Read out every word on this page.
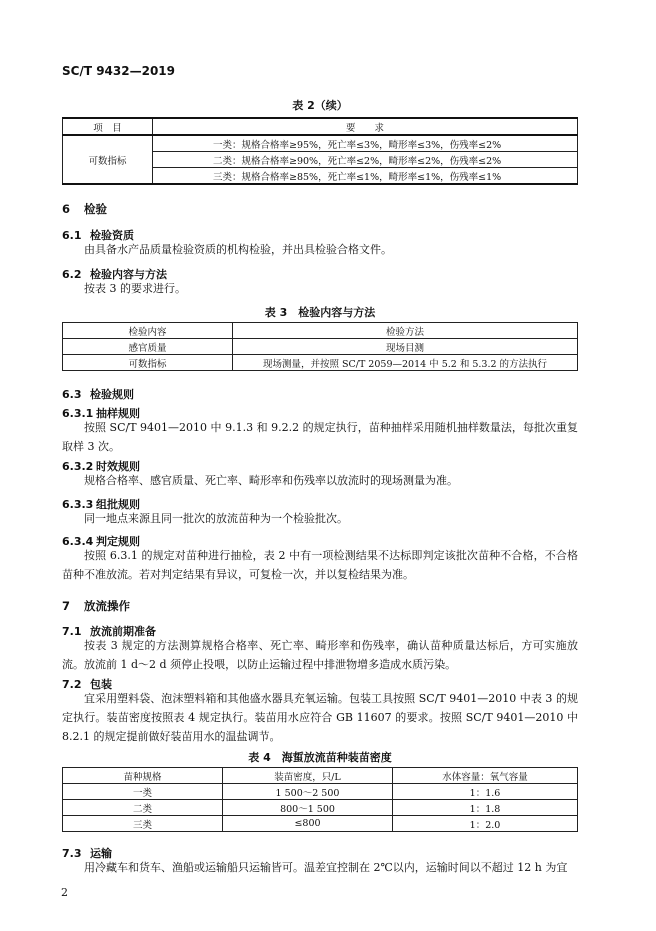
SC/T 9432—2019
表 2（续）
项　目	要　　求
可数指标	一类：规格合格率≥95%，死亡率≤3%，畸形率≤3%，伤残率≤2%
	二类：规格合格率≥90%，死亡率≤2%，畸形率≤2%，伤残率≤2%
	三类：规格合格率≥85%，死亡率≤1%，畸形率≤1%，伤残率≤1%
6 检验
6.1 检验资质
由具备水产品质量检验资质的机构检验，并出具检验合格文件。
6.2 检验内容与方法
按表 3 的要求进行。
表 3　检验内容与方法
检验内容	检验方法
感官质量	现场目测
可数指标	现场测量，并按照 SC/T 2059—2014 中 5.2 和 5.3.2 的方法执行
6.3 检验规则
6.3.1 抽样规则
按照 SC/T 9401—2010 中 9.1.3 和 9.2.2 的规定执行，苗种抽样采用随机抽样数量法，每批次重复取样 3 次。
6.3.2 时效规则
规格合格率、感官质量、死亡率、畸形率和伤残率以放流时的现场测量为准。
6.3.3 组批规则
同一地点来源且同一批次的放流苗种为一个检验批次。
6.3.4 判定规则
按照 6.3.1 的规定对苗种进行抽检，表 2 中有一项检测结果不达标即判定该批次苗种不合格，不合格苗种不准放流。若对判定结果有异议，可复检一次，并以复检结果为准。
7 放流操作
7.1 放流前期准备
按表 3 规定的方法测算规格合格率、死亡率、畸形率和伤残率，确认苗种质量达标后，方可实施放流。放流前 1 d～2 d 须停止投喂，以防止运输过程中排泄物增多造成水质污染。
7.2 包装
宜采用塑料袋、泡沫塑料箱和其他盛水器具充氧运输。包装工具按照 SC/T 9401—2010 中表 3 的规定执行。装苗密度按照表 4 规定执行。装苗用水应符合 GB 11607 的要求。按照 SC/T 9401—2010 中 8.2.1 的规定提前做好装苗用水的温盐调节。
表 4　海蜇放流苗种装苗密度
苗种规格	装苗密度，只/L	水体容量：氧气容量
一类	1 500～2 500	1：1.6
二类	800～1 500	1：1.8
三类	≤800	1：2.0
7.3 运输
用冷藏车和货车、渔船或运输船只运输皆可。温差宜控制在 2℃以内，运输时间以不超过 12 h 为宜
2
